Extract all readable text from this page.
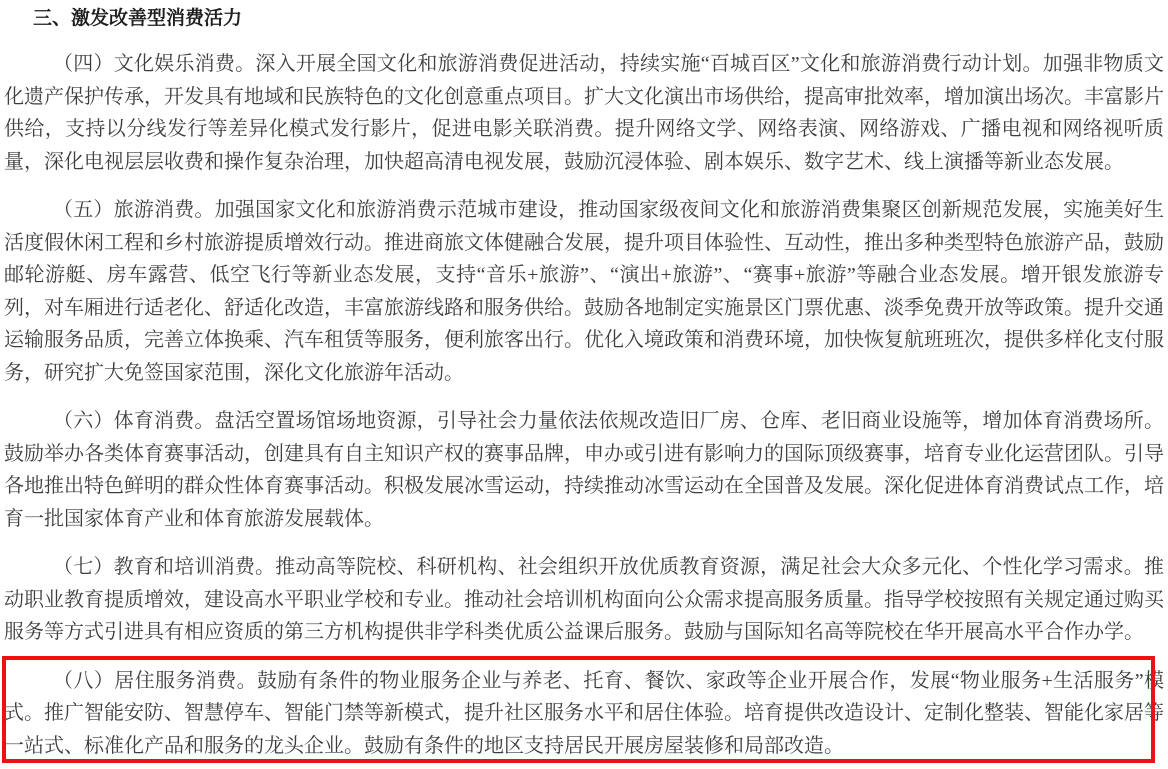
三、激发改善型消费活力

（四）文化娱乐消费。深入开展全国文化和旅游消费促进活动，持续实施“百城百区”文化和旅游消费行动计划。加强非物质文化遗产保护传承，开发具有地域和民族特色的文化创意重点项目。扩大文化演出市场供给，提高审批效率，增加演出场次。丰富影片供给，支持以分线发行等差异化模式发行影片，促进电影关联消费。提升网络文学、网络表演、网络游戏、广播电视和网络视听质量，深化电视层层收费和操作复杂治理，加快超高清电视发展，鼓励沉浸体验、剧本娱乐、数字艺术、线上演播等新业态发展。

（五）旅游消费。加强国家文化和旅游消费示范城市建设，推动国家级夜间文化和旅游消费集聚区创新规范发展，实施美好生活度假休闲工程和乡村旅游提质增效行动。推进商旅文体健融合发展，提升项目体验性、互动性，推出多种类型特色旅游产品，鼓励邮轮游艇、房车露营、低空飞行等新业态发展，支持“音乐+旅游”、“演出+旅游”、“赛事+旅游”等融合业态发展。增开银发旅游专列，对车厢进行适老化、舒适化改造，丰富旅游线路和服务供给。鼓励各地制定实施景区门票优惠、淡季免费开放等政策。提升交通运输服务品质，完善立体换乘、汽车租赁等服务，便利旅客出行。优化入境政策和消费环境，加快恢复航班班次，提供多样化支付服务，研究扩大免签国家范围，深化文化旅游年活动。

（六）体育消费。盘活空置场馆场地资源，引导社会力量依法依规改造旧厂房、仓库、老旧商业设施等，增加体育消费场所。鼓励举办各类体育赛事活动，创建具有自主知识产权的赛事品牌，申办或引进有影响力的国际顶级赛事，培育专业化运营团队。引导各地推出特色鲜明的群众性体育赛事活动。积极发展冰雪运动，持续推动冰雪运动在全国普及发展。深化促进体育消费试点工作，培育一批国家体育产业和体育旅游发展载体。

（七）教育和培训消费。推动高等院校、科研机构、社会组织开放优质教育资源，满足社会大众多元化、个性化学习需求。推动职业教育提质增效，建设高水平职业学校和专业。推动社会培训机构面向公众需求提高服务质量。指导学校按照有关规定通过购买服务等方式引进具有相应资质的第三方机构提供非学科类优质公益课后服务。鼓励与国际知名高等院校在华开展高水平合作办学。

（八）居住服务消费。鼓励有条件的物业服务企业与养老、托育、餐饮、家政等企业开展合作，发展“物业服务+生活服务”模式。推广智能安防、智慧停车、智能门禁等新模式，提升社区服务水平和居住体验。培育提供改造设计、定制化整装、智能化家居等一站式、标准化产品和服务的龙头企业。鼓励有条件的地区支持居民开展房屋装修和局部改造。
